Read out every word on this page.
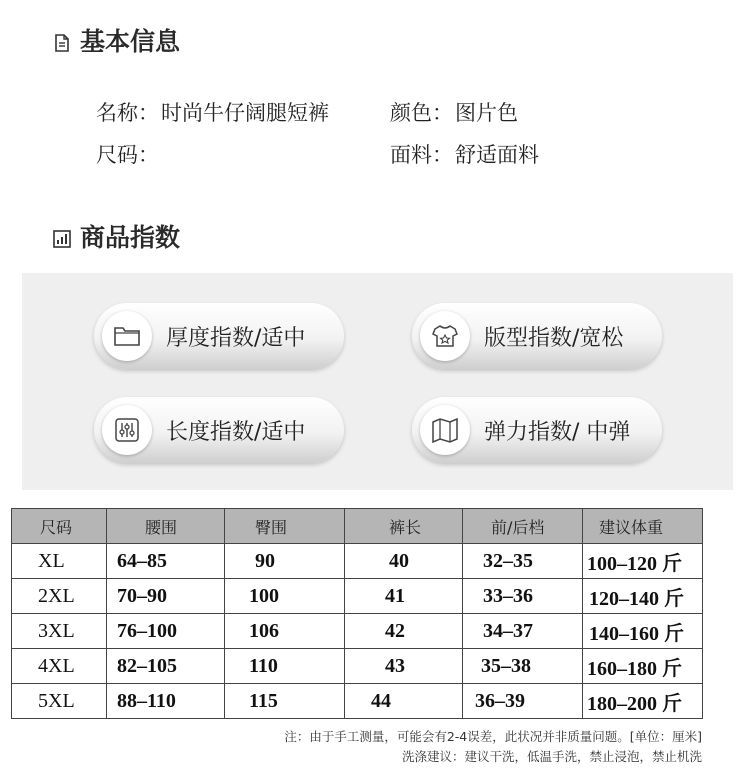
基本信息
名称：时尚牛仔阔腿短裤	颜色：图片色
尺码：	面料：舒适面料
商品指数
厚度指数/适中	版型指数/宽松
长度指数/适中	弹力指数/ 中弹
尺码	腰围	臀围	裤长	前/后档	建议体重
XL	64–85	90	40	32–35	100–120 斤
2XL	70–90	100	41	33–36	120–140 斤
3XL	76–100	106	42	34–37	140–160 斤
4XL	82–105	110	43	35–38	160–180 斤
5XL	88–110	115	44	36–39	180–200 斤
注：由于手工测量，可能会有2-4误差，此状况并非质量问题。[单位：厘米]
洗涤建议：建议干洗，低温手洗，禁止浸泡，禁止机洗
